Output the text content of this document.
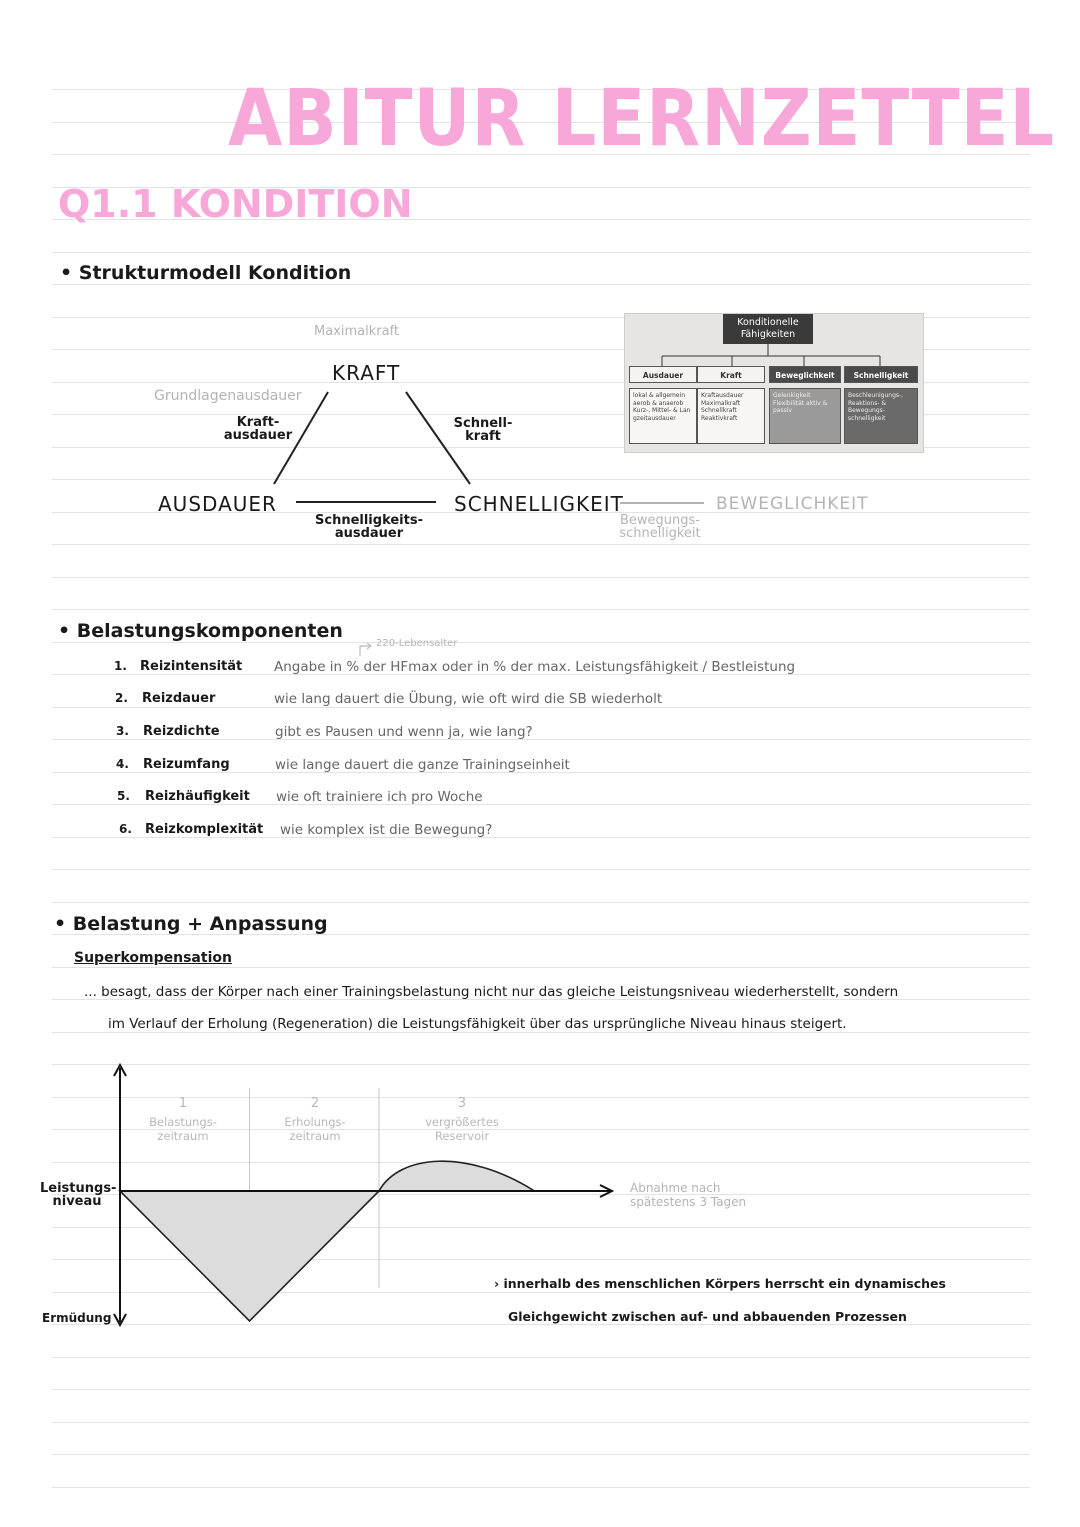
ABITUR LERNZETTEL
Q1.1 KONDITION
• Strukturmodell Kondition
Maximalkraft
KRAFT
Grundlagenausdauer
Kraft-
ausdauer
Schnell-
kraft
AUSDAUER	SCHNELLIGKEIT	BEWEGLICHKEIT
Schnelligkeits-
ausdauer
Bewegungs-
schnelligkeit
Konditionelle
Fähigkeiten
Ausdauer
lokal & allgemein aerob & anaerob Kurz-, Mittel- & Lan gzeitausdauer
Kraft
Kraftausdauer Maximalkraft Schnellkraft Reaktivkraft
Beweglichkeit
Gelenkigkeit Flexibilität aktiv & passiv
Schnelligkeit
Beschleunigungs-, Reaktions- & Bewegungs- schnelligkeit
• Belastungskomponenten
220-Lebensalter
1. Reizintensität Angabe in % der HFmax oder in % der max. Leistungsfähigkeit / Bestleistung
2. Reizdauer	wie lang dauert die Übung, wie oft wird die SB wiederholt
3. Reizdichte	gibt es Pausen und wenn ja, wie lang?
4. Reizumfang	wie lange dauert die ganze Trainingseinheit
5. Reizhäufigkeit wie oft trainiere ich pro Woche
6. Reizkomplexität wie komplex ist die Bewegung?
• Belastung + Anpassung
Superkompensation
... besagt, dass der Körper nach einer Trainingsbelastung nicht nur das gleiche Leistungsniveau wiederherstellt, sondern
im Verlauf der Erholung (Regeneration) die Leistungsfähigkeit über das ursprüngliche Niveau hinaus steigert.
1
Belastungs-
zeitraum
2
Erholungs-
zeitraum
3
vergrößertes
Reservoir
Leistungs-
niveau
Ermüdung
Abnahme nach
spätestens 3 Tagen
› innerhalb des menschlichen Körpers herrscht ein dynamisches
Gleichgewicht zwischen auf- und abbauenden Prozessen
